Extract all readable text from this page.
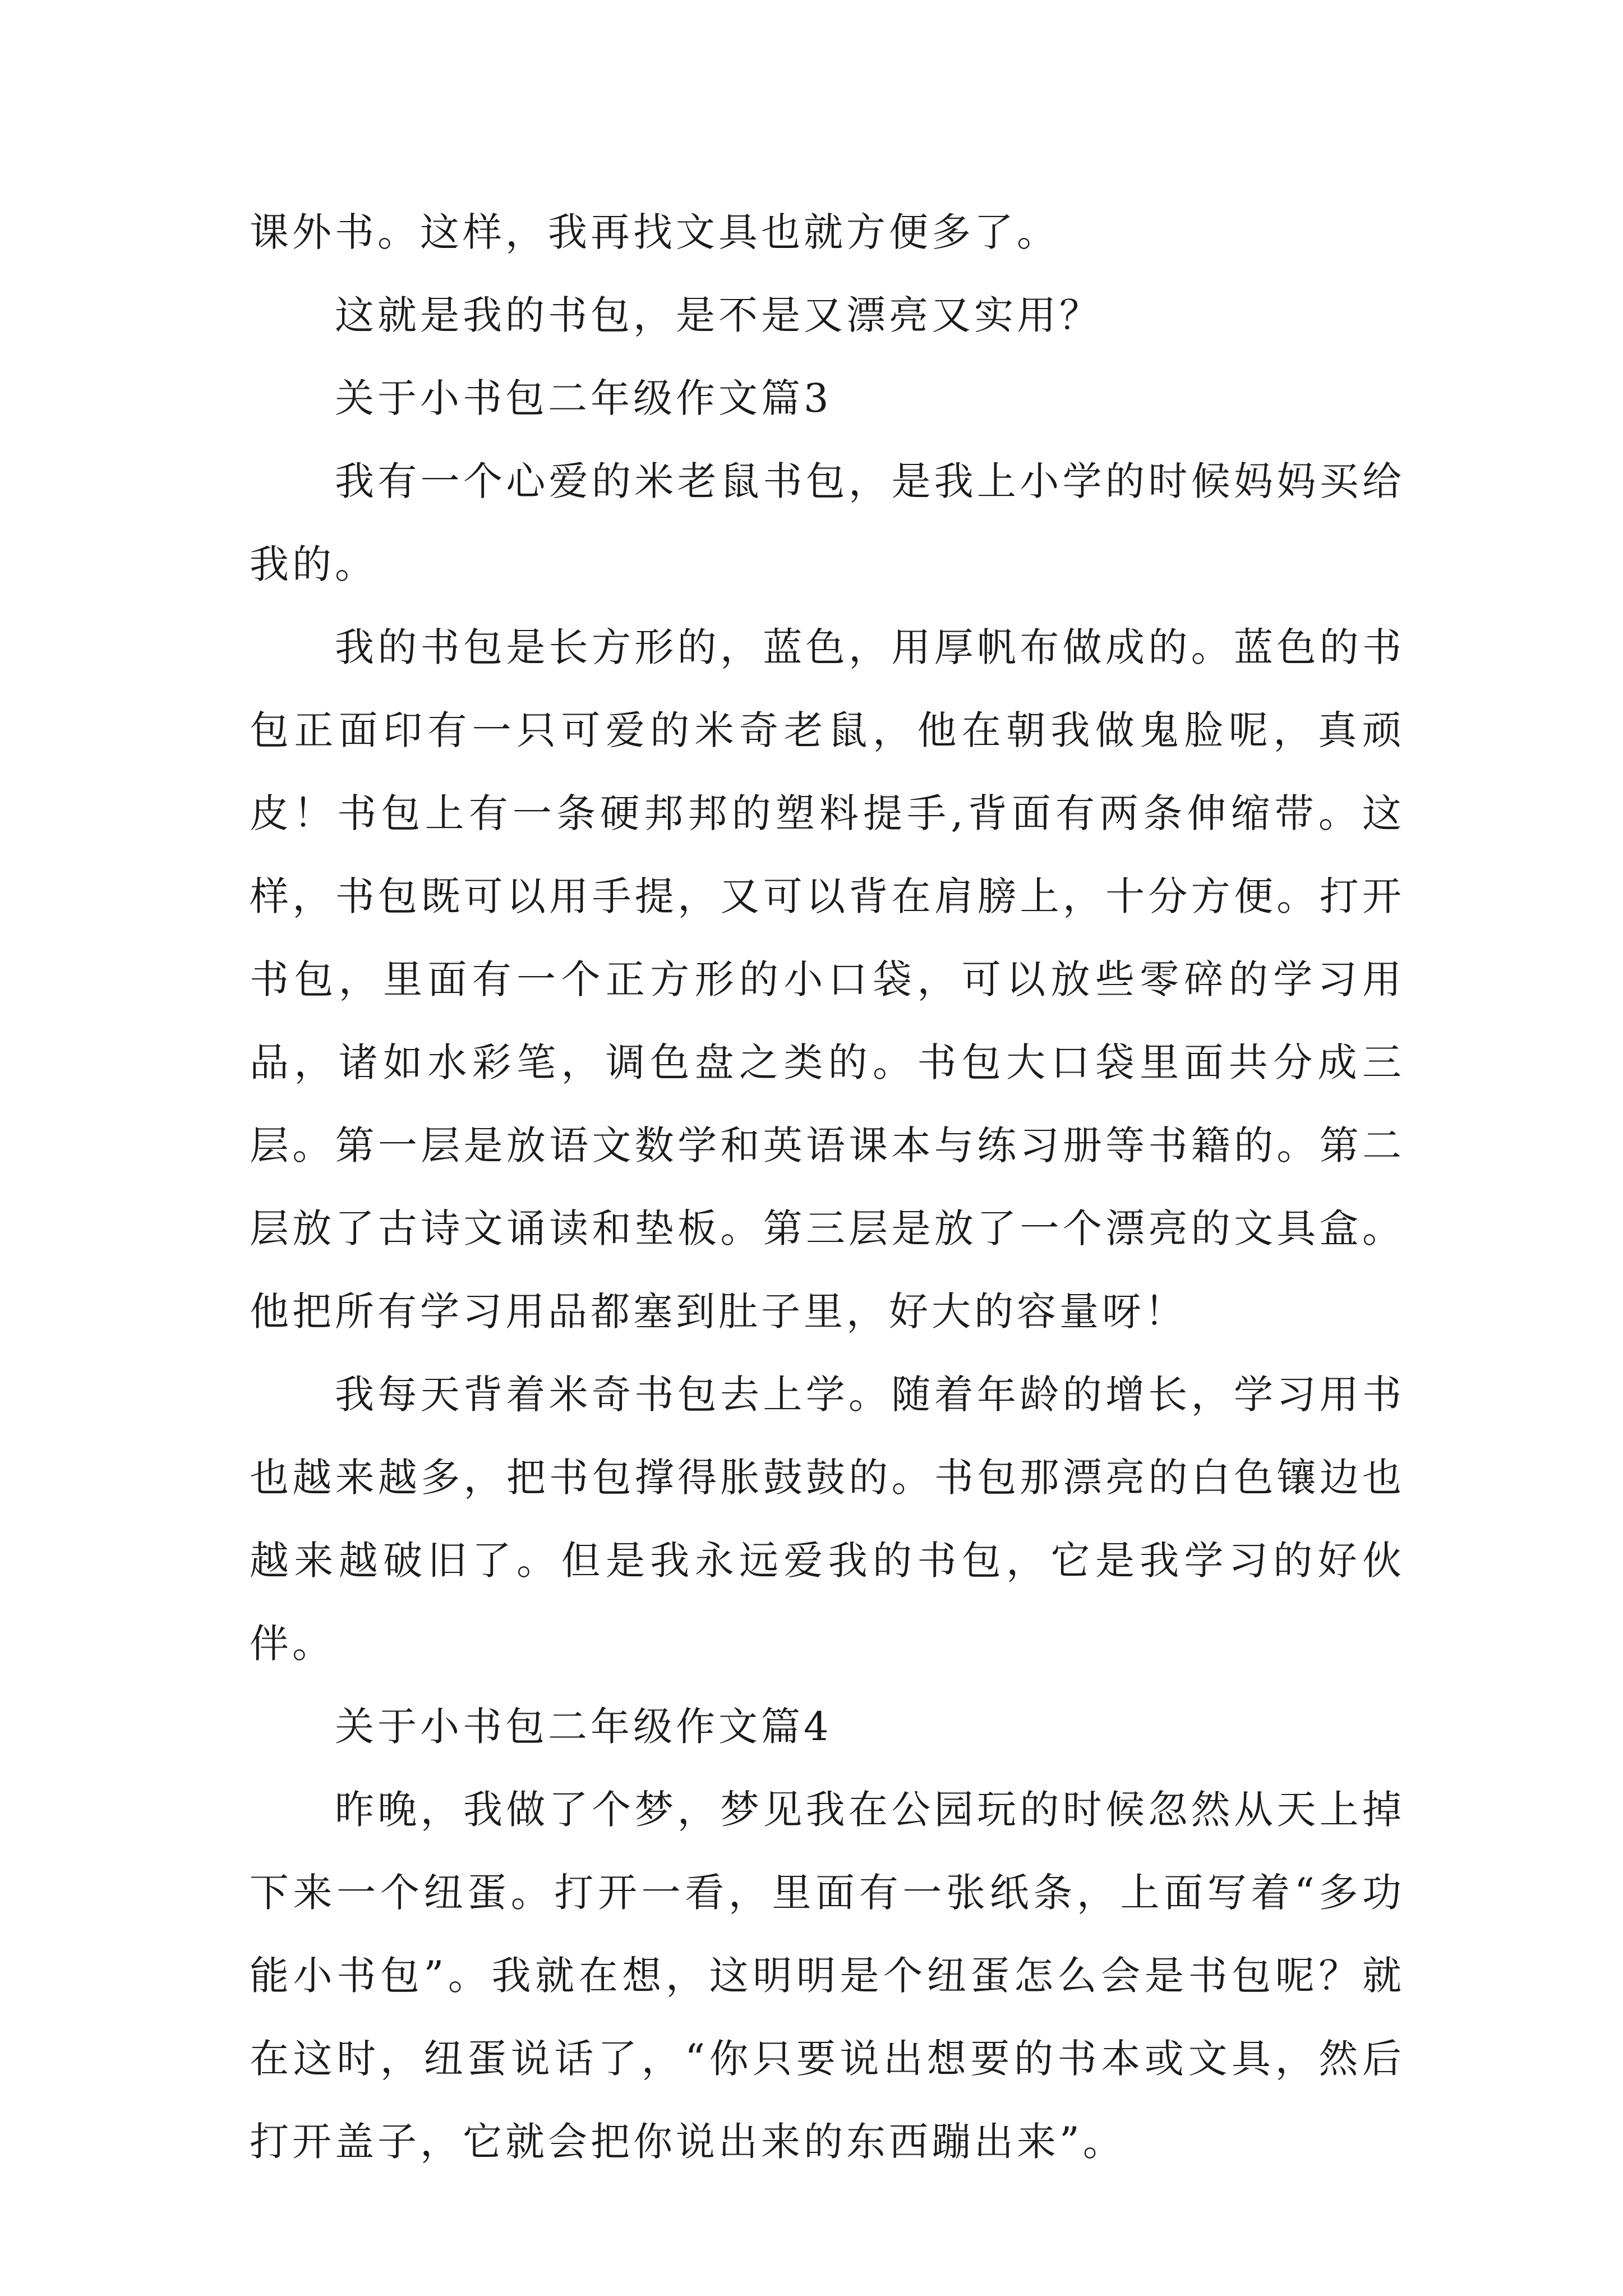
课外书。这样，我再找文具也就方便多了。

这就是我的书包，是不是又漂亮又实用？

关于小书包二年级作文篇3

我有一个心爱的米老鼠书包，是我上小学的时候妈妈买给我的。

我的书包是长方形的，蓝色，用厚帆布做成的。蓝色的书包正面印有一只可爱的米奇老鼠，他在朝我做鬼脸呢，真顽皮！书包上有一条硬邦邦的塑料提手,背面有两条伸缩带。这样，书包既可以用手提，又可以背在肩膀上，十分方便。打开书包，里面有一个正方形的小口袋，可以放些零碎的学习用品，诸如水彩笔，调色盘之类的。书包大口袋里面共分成三层。第一层是放语文数学和英语课本与练习册等书籍的。第二层放了古诗文诵读和垫板。第三层是放了一个漂亮的文具盒。他把所有学习用品都塞到肚子里，好大的容量呀！

我每天背着米奇书包去上学。随着年龄的增长，学习用书也越来越多，把书包撑得胀鼓鼓的。书包那漂亮的白色镶边也越来越破旧了。但是我永远爱我的书包，它是我学习的好伙伴。

关于小书包二年级作文篇4

昨晚，我做了个梦，梦见我在公园玩的时候忽然从天上掉下来一个纽蛋。打开一看，里面有一张纸条，上面写着“多功能小书包”。我就在想，这明明是个纽蛋怎么会是书包呢？就在这时，纽蛋说话了，“你只要说出想要的书本或文具，然后打开盖子，它就会把你说出来的东西蹦出来”。
